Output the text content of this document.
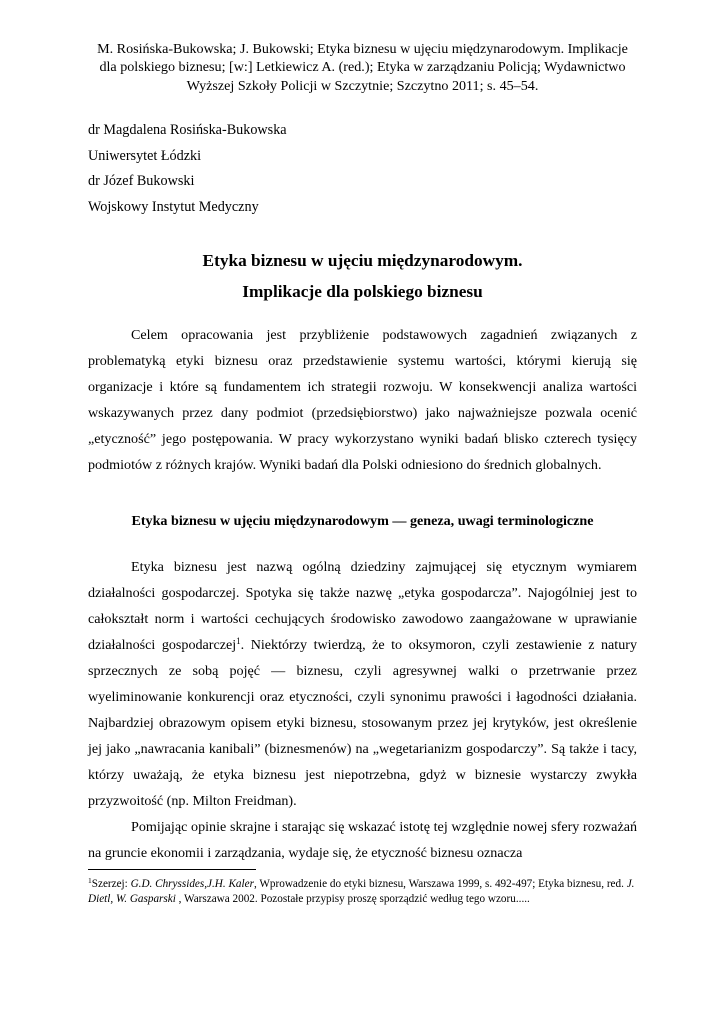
M. Rosińska-Bukowska; J. Bukowski; Etyka biznesu w ujęciu międzynarodowym. Implikacje
dla polskiego biznesu; [w:] Letkiewicz A. (red.); Etyka w zarządzaniu Policją; Wydawnictwo
Wyższej Szkoły Policji w Szczytnie; Szczytno 2011; s. 45–54.
dr Magdalena Rosińska-Bukowska
Uniwersytet Łódzki
dr Józef Bukowski
Wojskowy Instytut Medyczny
Etyka biznesu w ujęciu międzynarodowym.
Implikacje dla polskiego biznesu

Celem opracowania jest przybliżenie podstawowych zagadnień związanych z problematyką etyki biznesu oraz przedstawienie systemu wartości, którymi kierują się organizacje i które są fundamentem ich strategii rozwoju. W konsekwencji analiza wartości wskazywanych przez dany podmiot (przedsiębiorstwo) jako najważniejsze pozwala ocenić „etyczność” jego postępowania. W pracy wykorzystano wyniki badań blisko czterech tysięcy podmiotów z różnych krajów. Wyniki badań dla Polski odniesiono do średnich globalnych.

Etyka biznesu w ujęciu międzynarodowym — geneza, uwagi terminologiczne

Etyka biznesu jest nazwą ogólną dziedziny zajmującej się etycznym wymiarem działalności gospodarczej. Spotyka się także nazwę „etyka gospodarcza”. Najogólniej jest to całokształt norm i wartości cechujących środowisko zawodowo zaangażowane w uprawianie działalności gospodarczej$^1$. Niektórzy twierdzą, że to oksymoron, czyli zestawienie z natury sprzecznych ze sobą pojęć — biznesu, czyli agresywnej walki o przetrwanie przez wyeliminowanie konkurencji oraz etyczności, czyli synonimu prawości i łagodności działania. Najbardziej obrazowym opisem etyki biznesu, stosowanym przez jej krytyków, jest określenie jej jako „nawracania kanibali” (biznesmenów) na „wegetarianizm gospodarczy”. Są także i tacy, którzy uważają, że etyka biznesu jest niepotrzebna, gdyż w biznesie wystarczy zwykła przyzwoitość (np. Milton Freidman).

Pomijając opinie skrajne i starając się wskazać istotę tej względnie nowej sfery rozważań na gruncie ekonomii i zarządzania, wydaje się, że etyczność biznesu oznacza

$^1$Szerzej: G.D. Chryssides,J.H. Kaler, Wprowadzenie do etyki biznesu, Warszawa 1999, s. 492-497; Etyka biznesu, red. J. Dietl, W. Gasparski , Warszawa 2002. Pozostałe przypisy proszę sporządzić według tego wzoru.....
